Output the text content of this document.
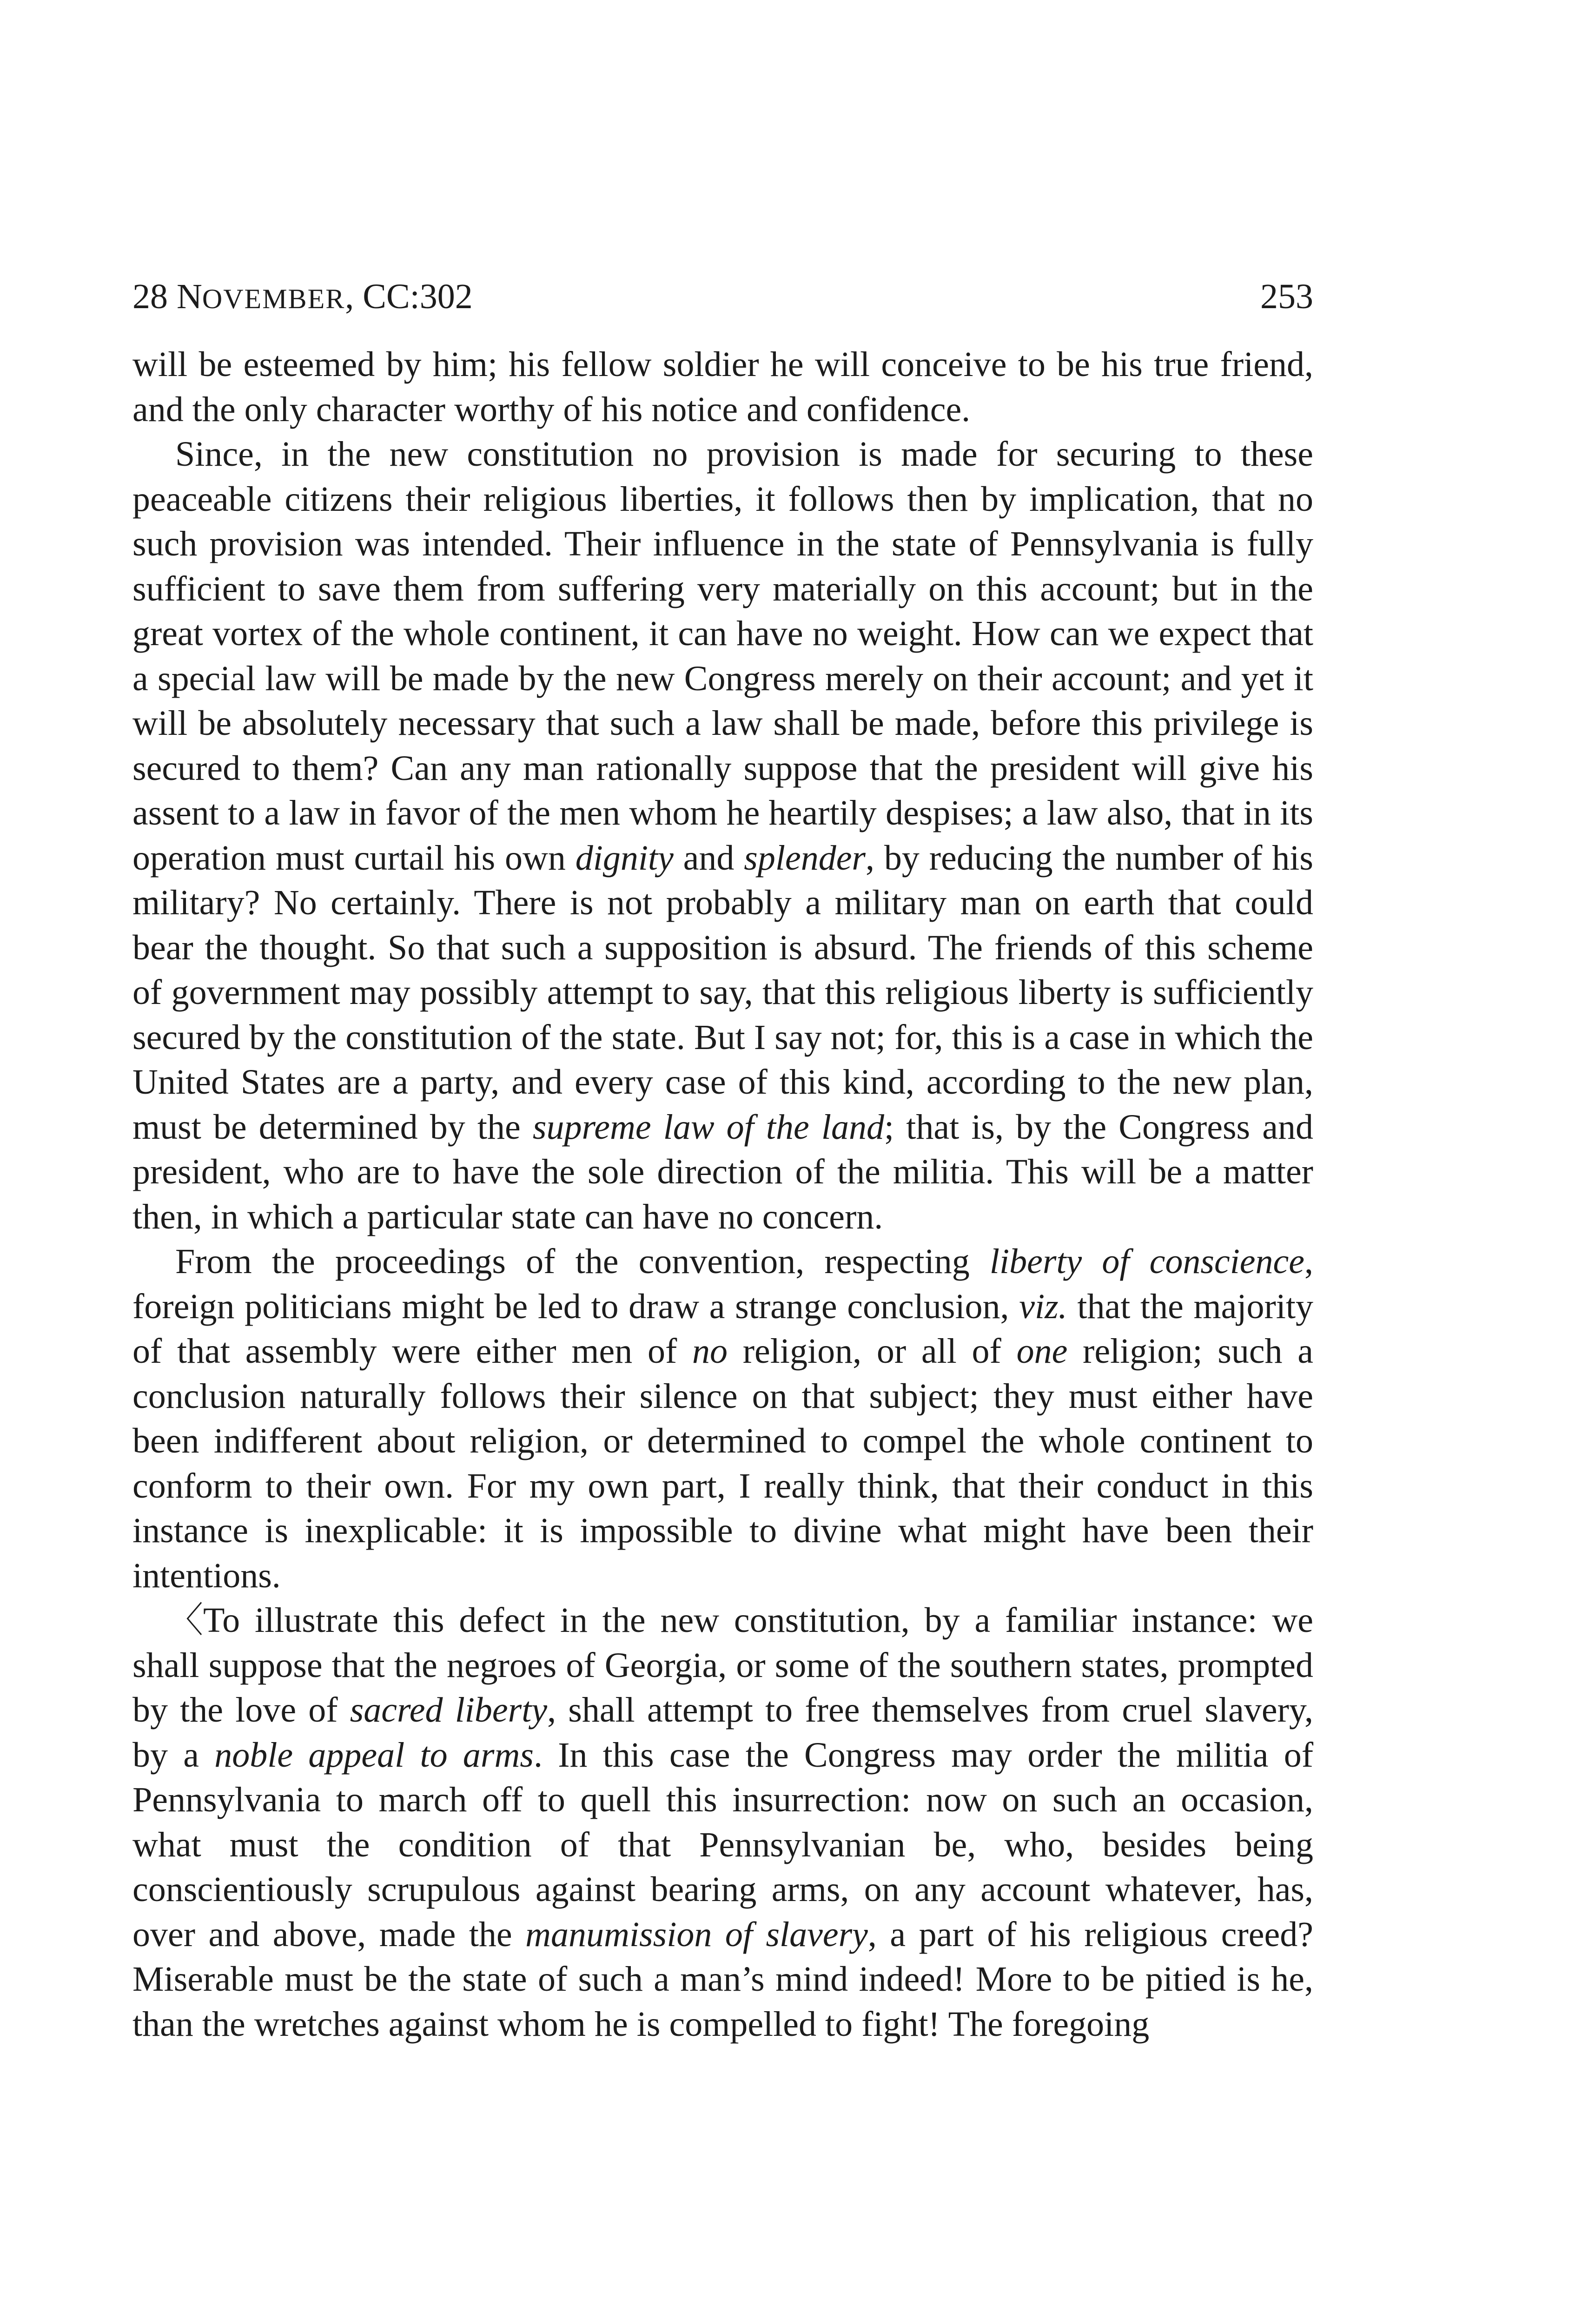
28 NOVEMBER, CC:302	253

will be esteemed by him; his fellow soldier he will conceive to be his true friend, and the only character worthy of his notice and confidence.

Since, in the new constitution no provision is made for securing to these peaceable citizens their religious liberties, it follows then by implication, that no such provision was intended. Their influence in the state of Pennsylvania is fully sufficient to save them from suffering very materially on this account; but in the great vortex of the whole continent, it can have no weight. How can we expect that a special law will be made by the new Congress merely on their account; and yet it will be absolutely necessary that such a law shall be made, before this privilege is secured to them? Can any man rationally suppose that the president will give his assent to a law in favor of the men whom he heartily despises; a law also, that in its operation must curtail his own dignity and splender, by reducing the number of his military? No certainly. There is not probably a military man on earth that could bear the thought. So that such a supposition is absurd. The friends of this scheme of government may possibly attempt to say, that this religious liberty is sufficiently secured by the constitution of the state. But I say not; for, this is a case in which the United States are a party, and every case of this kind, according to the new plan, must be determined by the supreme law of the land; that is, by the Congress and president, who are to have the sole direction of the militia. This will be a matter then, in which a particular state can have no concern.

From the proceedings of the convention, respecting liberty of conscience, foreign politicians might be led to draw a strange conclusion, viz. that the majority of that assembly were either men of no religion, or all of one religion; such a conclusion naturally follows their silence on that subject; they must either have been indifferent about religion, or determined to compel the whole continent to conform to their own. For my own part, I really think, that their conduct in this instance is inexplicable: it is impossible to divine what might have been their intentions.

〈To illustrate this defect in the new constitution, by a familiar instance: we shall suppose that the negroes of Georgia, or some of the southern states, prompted by the love of sacred liberty, shall attempt to free themselves from cruel slavery, by a noble appeal to arms. In this case the Congress may order the militia of Pennsylvania to march off to quell this insurrection: now on such an occasion, what must the condition of that Pennsylvanian be, who, besides being conscientiously scrupulous against bearing arms, on any account whatever, has, over and above, made the manumission of slavery, a part of his religious creed? Miserable must be the state of such a man’s mind indeed! More to be pitied is he, than the wretches against whom he is compelled to fight! The foregoing
